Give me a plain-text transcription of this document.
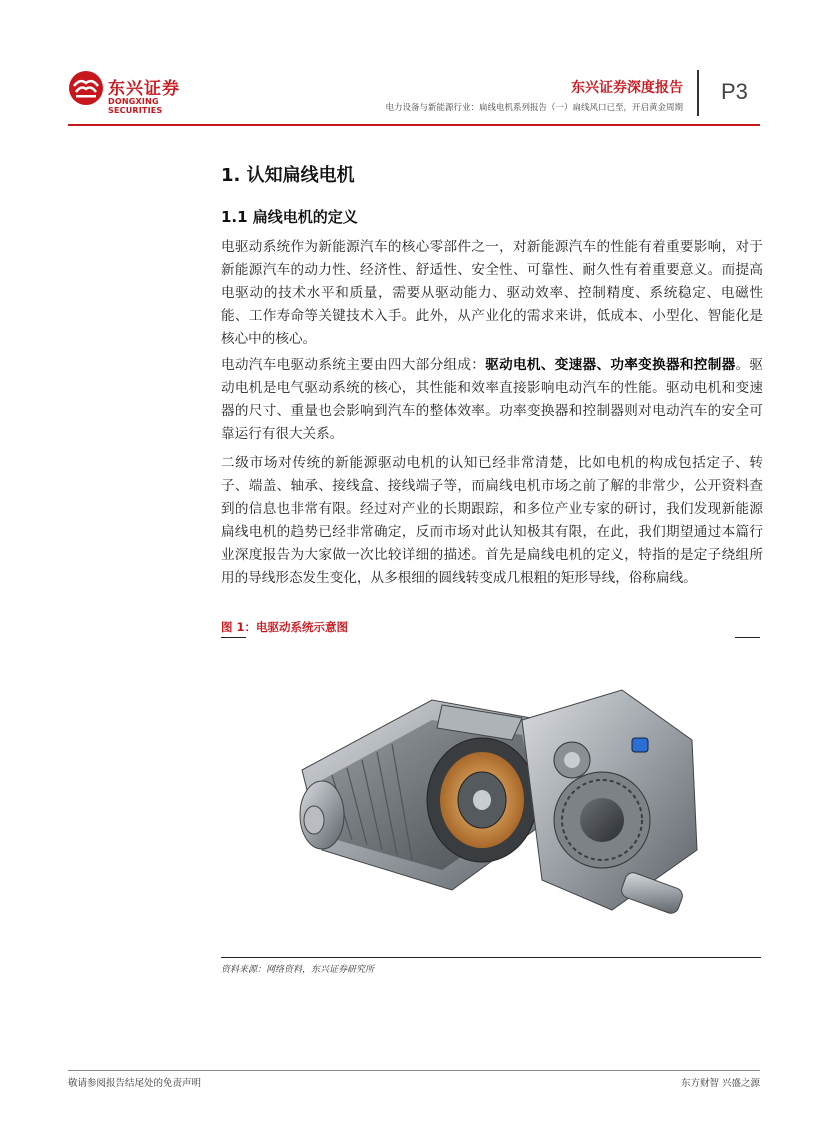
东兴证券
DONGXING SECURITIES
东兴证券深度报告
电力设备与新能源行业：扁线电机系列报告（一）扁线风口已至，开启黄金周期
P3
1. 认知扁线电机
1.1 扁线电机的定义
电驱动系统作为新能源汽车的核心零部件之一，对新能源汽车的性能有着重要影响，对于新能源汽车的动力性、经济性、舒适性、安全性、可靠性、耐久性有着重要意义。而提高电驱动的技术水平和质量，需要从驱动能力、驱动效率、控制精度、系统稳定、电磁性能、工作寿命等关键技术入手。此外，从产业化的需求来讲，低成本、小型化、智能化是核心中的核心。
电动汽车电驱动系统主要由四大部分组成：驱动电机、变速器、功率变换器和控制器。驱动电机是电气驱动系统的核心，其性能和效率直接影响电动汽车的性能。驱动电机和变速器的尺寸、重量也会影响到汽车的整体效率。功率变换器和控制器则对电动汽车的安全可靠运行有很大关系。
二级市场对传统的新能源驱动电机的认知已经非常清楚，比如电机的构成包括定子、转子、端盖、轴承、接线盒、接线端子等，而扁线电机市场之前了解的非常少，公开资料查到的信息也非常有限。经过对产业的长期跟踪，和多位产业专家的研讨，我们发现新能源扁线电机的趋势已经非常确定，反而市场对此认知极其有限，在此，我们期望通过本篇行业深度报告为大家做一次比较详细的描述。首先是扁线电机的定义，特指的是定子绕组所用的导线形态发生变化，从多根细的圆线转变成几根粗的矩形导线，俗称扁线。
图 1：电驱动系统示意图
资料来源：网络资料，东兴证券研究所
敬请参阅报告结尾处的免责声明	东方财智 兴盛之源
